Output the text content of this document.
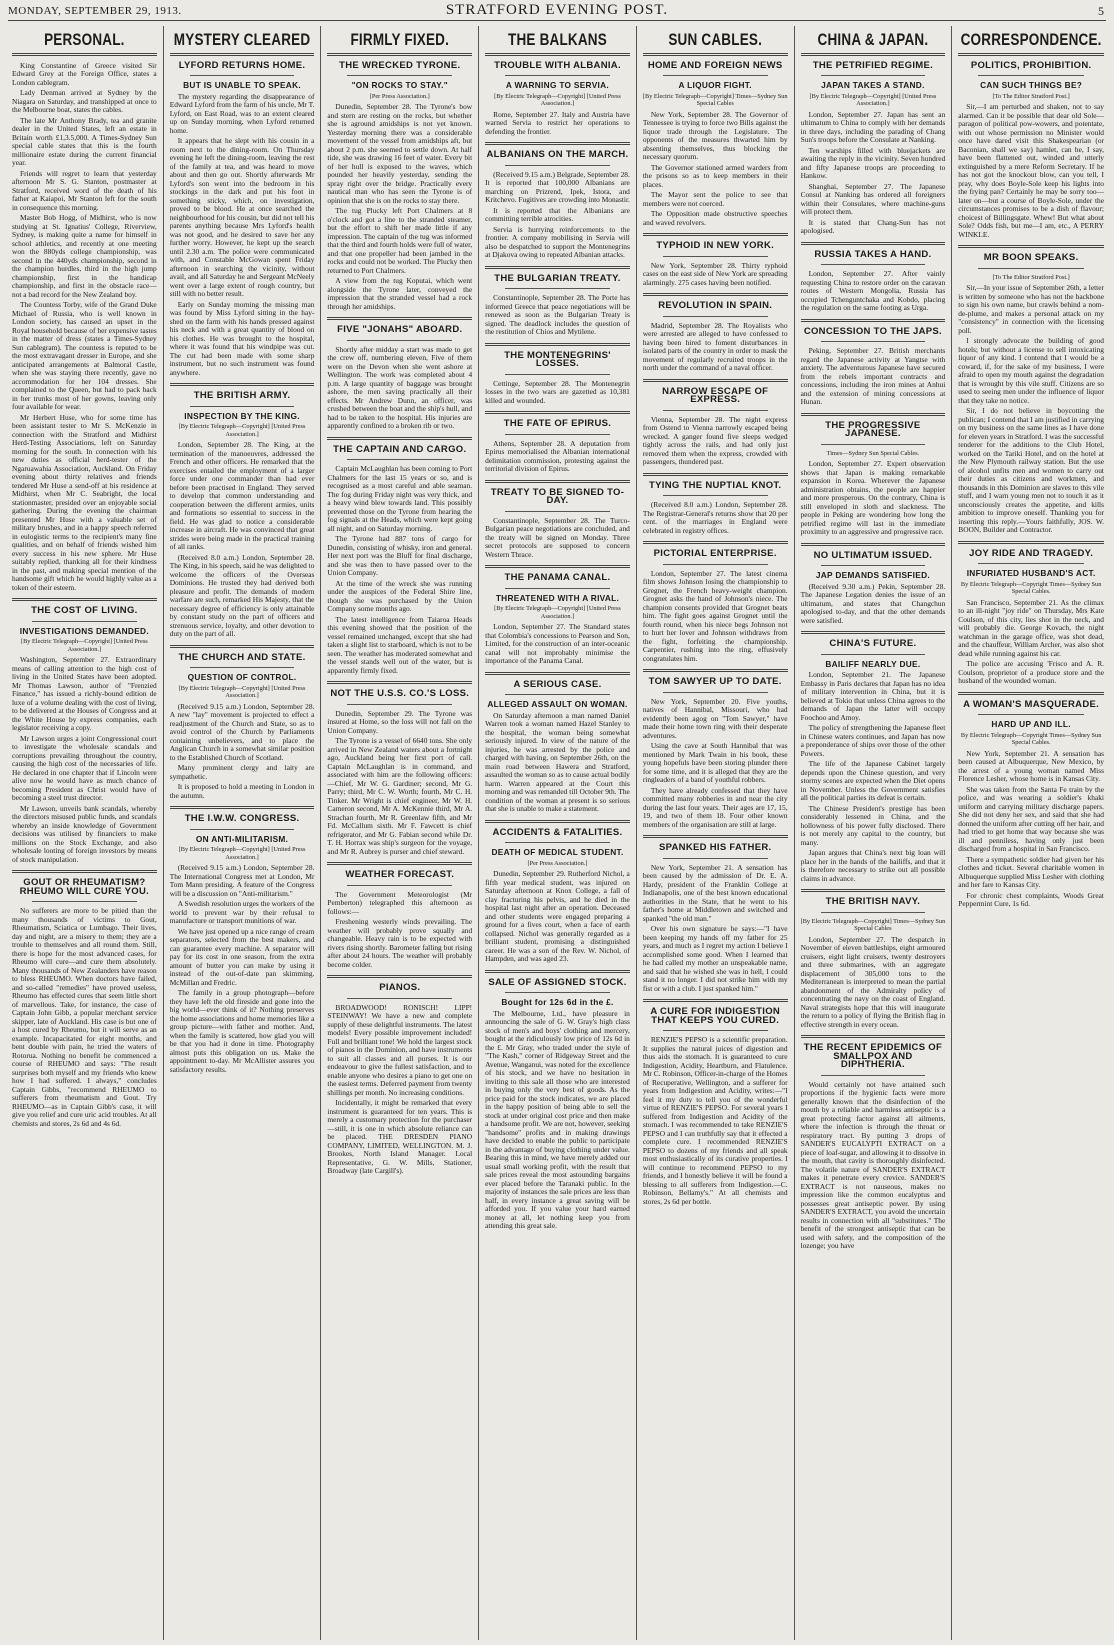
MONDAY, SEPTEMBER 29, 1913.	STRATFORD EVENING POST.	5
PERSONAL.

King Constantine of Greece visited Sir Edward Grey at the Foreign Office, states a London cablegram.

Lady Denman arrived at Sydney by the Niagara on Saturday, and transhipped at once to the Melbourne boat, states the cables.

The late Mr Anthony Brady, tea and granite dealer in the United States, left an estate in Britain worth £1,3.5,000. A Times-Sydney Sun special cable states that this is the fourth millionaire estate during the current financial year.

Friends will regret to learn that yesterday afternoon Mr S. G. Stanton, postmaster at Stratford, received word of the death of his father at Kaiapoi, Mr Stanton left for the south in consequence this morning.

Master Bob Hogg, of Midhirst, who is now studying at St. Ignatius' College, Riverview, Sydney, is making quite a name for himself in school athletics, and recently at one meeting won the 880yds college championship, was second in the 440yds championship, second in the champion hurdles, third in the high jump championship, first in the handicap championship, and first in the obstacle race—not a bad record for the New Zealand boy.

The Countess Torby, wife of the Grand Duke Michael of Russia, who is well known in London society, has caused an upset in the Royal household because of her expensive tastes in the matter of dress (states a Times-Sydney Sun cablegram). The countess is reputed to be the most extravagant dresser in Europe, and she anticipated arrangements at Balmoral Castle, when she was staying there recently, gave no accommodation for her 104 dresses. She complained to the Queen, but had to pack back in her trunks most of her gowns, leaving only four available for wear.

Mr Herbert Huse, who for some time has been assistant tester to Mr S. McKenzie in connection with the Stratford and Midhirst Herd-Testing Associations, left on Saturday morning for the south. In connection with his new duties as official herd-tester of the Ngaruawahia Association, Auckland. On Friday evening about thirty relatives and friends tendered Mr Huse a send-off at his residence at Midhirst, when Mr C. Seabright, the local stationmaster, presided over an enjoyable social gathering. During the evening the chairman presented Mr Huse with a valuable set of military brushes, and in a happy speech referred in eulogistic terms to the recipient's many fine qualities, and on behalf of friends wished him every success in his new sphere. Mr Huse suitably replied, thanking all for their kindness in the past, and making special mention of the handsome gift which he would highly value as a token of their esteem.

THE COST OF LIVING.
INVESTIGATIONS DEMANDED.
[By Electric Telegraph—Copyright] [United Press Association.]

Washington, September 27. Extraordinary means of calling attention to the high cost of living in the United States have been adopted. Mr Thomas Lawson, author of "Frenzied Finance," has issued a richly-bound edition de luxe of a volume dealing with the cost of living, to be delivered at the Houses of Congress and at the White House by express companies, each legislator receiving a copy.

Mr Lawson urges a joint Congressional court to investigate the wholesale scandals and corruptions prevailing throughout the country, causing the high cost of the necessaries of life. He declared in one chapter that if Lincoln were alive now he would have as much chance of becoming President as Christ would have of becoming a steel trust director.

Mr Lawson, unveils bank scandals, whereby the directors misused public funds, and scandals whereby an inside knowledge of Government decisions was utilised by financiers to make millions on the Stock Exchange, and also wholesale looting of foreign investors by means of stock manipulation.

GOUT OR RHEUMATISM? RHEUMO WILL CURE YOU.

No sufferers are more to be pitied than the many thousands of victims to Gout, Rheumatism, Sciatica or Lumbago. Their lives, day and night, are a misery to them; they are a trouble to themselves and all round them. Still, there is hope for the most advanced cases, for Rheumo will cure—and cure them absolutely. Many thousands of New Zealanders have reason to bless RHEUMO. When doctors have failed, and so-called "remedies" have proved useless, Rheumo has effected cures that seem little short of marvellous. Take, for instance, the case of Captain John Gibb, a popular merchant service skipper, late of Auckland. His case is but one of a host cured by Rheumo, but it will serve as an example. Incapacitated for eight months, and bent double with pain, he tried the waters of Rotorua. Nothing no benefit he commenced a course of RHEUMO and says: "The result surprises both myself and my friends who knew how I had suffered. I always," concludes Captain Gibbs, "recommend RHEUMO to sufferers from rheumatism and Gout. Try RHEUMO—as in Captain Gibb's case, it will give you relief and cure uric acid troubles. At all chemists and stores, 2s 6d and 4s 6d.

MYSTERY CLEARED
LYFORD RETURNS HOME.
BUT IS UNABLE TO SPEAK.

The mystery regarding the disappearance of Edward Lyford from the farm of his uncle, Mr T. Lyford, on East Road, was to an extent cleared up on Sunday morning, when Lyford returned home.

It appears that he slept with his cousin in a room next to the dining-room. On Thursday evening he left the dining-room, leaving the rest of the family at tea, and was heard to move about and then go out. Shortly afterwards Mr Lyford's son went into the bedroom in his stockings in the dark and put his foot in something sticky, which, on investigation, proved to be blood. He at once searched the neighbourhood for his cousin, but did not tell his parents anything because Mrs Lyford's health was not good, and he desired to save her any further worry. However, he kept up the search until 2.30 a.m. The police were communicated with, and Constable McGowan spent Friday afternoon in searching the vicinity, without avail, and all Saturday he and Sergeant McNeely went over a large extent of rough country, but still with no better result.

Early on Sunday morning the missing man was found by Miss Lyford sitting in the hay-shed on the farm with his hands pressed against his neck and with a great quantity of blood on his clothes. He was brought to the hospital, where it was found that his windpipe was cut. The cut had been made with some sharp instrument, but no such instrument was found anywhere.

THE BRITISH ARMY.
INSPECTION BY THE KING.
[By Electric Telegraph—Copyright] [United Press Association.]

London, September 28. The King, at the termination of the manoeuvres, addressed the French and other officers. He remarked that the exercises entailed the employment of a larger force under one commander than had ever before been practised in England. They served to develop that common understanding and cooperation between the different armies, units and formations so essential to success in the field. He was glad to notice a considerable increase in aircraft. He was convinced that great strides were being made in the practical training of all ranks.

(Received 8.0 a.m.) London, September 28. The King, in his speech, said he was delighted to welcome the officers of the Overseas Dominions. He trusted they had derived both pleasure and profit. The demands of modern warfare are such, remarked His Majesty, that the necessary degree of efficiency is only attainable by constant study on the part of officers and strenuous service, loyalty, and other devotion to duty on the part of all.

THE CHURCH AND STATE.
QUESTION OF CONTROL.
[By Electric Telegraph—Copyright] [United Press Association.]

(Received 9.15 a.m.) London, September 28. A new "lay" movement is projected to effect a readjustment of the Church and State, so as to avoid control of the Church by Parliaments containing unbelievers, and to place the Anglican Church in a somewhat similar position to the Established Church of Scotland.

Many prominent clergy and laity are sympathetic.

It is proposed to hold a meeting in London in the autumn.

THE I.W.W. CONGRESS.
ON ANTI-MILITARISM.
[By Electric Telegraph—Copyright] [United Press Association.]

(Received 9.15 a.m.) London, September 28. The International Congress met at London, Mr Tom Mann presiding. A feature of the Congress will be a discussion on "Anti-militarism."

A Swedish resolution urges the workers of the world to prevent war by their refusal to manufacture or transport munitions of war.

We have just opened up a nice range of cream separators, selected from the best makers, and can guarantee every machine. A separator will pay for its cost in one season, from the extra amount of butter you can make by using it instead of the out-of-date pan skimming. McMillan and Fredric.

The family in a group photograph—before they have left the old fireside and gone into the big world—ever think of it? Nothing preserves the home associations and home memories like a group picture—with father and mother. And, when the family is scattered, how glad you will be that you had it done in time. Photography almost puts this obligation on us. Make the appointment to-day. Mr McAllister assures you satisfactory results.

FIRMLY FIXED.
THE WRECKED TYRONE.
"ON ROCKS TO STAY."
[Per Press Association.]

Dunedin, September 28. The Tyrone's bow and stern are resting on the rocks, but whether she is aground amidships is not yet known. Yesterday morning there was a considerable movement of the vessel from amidships aft, but about 2 p.m. she seemed to settle down. At half tide, she was drawing 16 feet of water. Every bit of her hull is exposed to the waves, which pounded her heavily yesterday, sending the spray right over the bridge. Practically every nautical man who has seen the Tyrone is of opinion that she is on the rocks to stay there.

The tug Plucky left Port Chalmers at 8 o'clock and got a line to the stranded steamer, but the effort to shift her made little if any impression. The captain of the tug was informed that the third and fourth holds were full of water, and that one propeller had been jambed in the rocks and could not be worked. The Plucky then returned to Port Chalmers.

A view from the tug Koputai, which went alongside the Tyrone later, conveyed the impression that the stranded vessel had a rock through her amidships.

FIVE "JONAHS" ABOARD.

Shortly after midday a start was made to get the crew off, numbering eleven, Five of them were on the Devon when she went ashore at Wellington. The work was completed about 4 p.m. A large quantity of baggage was brought ashore, the men saving practically all their effects. Mr Andrew Dunn, an officer, was crushed between the boat and the ship's hull, and had to be taken to the hospital. His injuries are apparently confined to a broken rib or two.

THE CAPTAIN AND CARGO.

Captain McLaughlan has been coming to Port Chalmers for the last 15 years or so, and is recognised as a most careful and able seaman. The fog during Friday night was very thick, and a heavy wind blew towards land. This possibly prevented those on the Tyrone from hearing the fog signals at the Heads, which were kept going all night, and on Saturday morning.

The Tyrone had 887 tons of cargo for Dunedin, consisting of whisky, iron and general. Her next port was the Bluff for final discharge, and she was then to have passed over to the Union Company.

At the time of the wreck she was running under the auspices of the Federal Shire line, though she was purchased by the Union Company some months ago.

The latest intelligence from Taiaroa Heads this evening showed that the position of the vessel remained unchanged, except that she had taken a slight list to starboard, which is not to be seen. The weather has moderated somewhat and the vessel stands well out of the water, but is apparently firmly fixed.

NOT THE U.S.S. CO.'S LOSS.

Dunedin, September 29. The Tyrone was insured at Home, so the loss will not fall on the Union Company.

The Tyrone is a vessel of 6640 tons. She only arrived in New Zealand waters about a fortnight ago, Auckland being her first port of call. Captain McLaughlan is in command, and associated with him are the following officers:—Chief, Mr W. G. Gardiner; second, Mr G. Parry; third, Mr C. W. Worth; fourth, Mr C. H. Tinker. Mr Wright is chief engineer, Mr W. H. Cameron second, Mr A. McKennie third, Mr A. Strachan fourth, Mr R. Greenlaw fifth, and Mr Fd. McCallum sixth. Mr F. Fawcett is chief refrigerator, and Mr G. Fabian second while Dr. T. H. Horrax was ship's surgeon for the voyage, and Mr R. Aubrey is purser and chief steward.

WEATHER FORECAST.

The Government Meteorologist (Mr Pemberton) telegraphed this afternoon as follows:—

Freshening westerly winds prevailing. The weather will probably prove squally and changeable. Heavy rain is to be expected with rivers rising shortly. Barometer falling but rising after about 24 hours. The weather will probably become colder.

PIANOS.

BROADWOOD! RONISCH! LIPP! STEINWAY! We have a new and complete supply of these delightful instruments. The latest models! Every possible improvement included! Full and brilliant tone! We hold the largest stock of pianos in the Dominion, and have instruments to suit all classes and all purses. It is our endeavour to give the fullest satisfaction, and to enable anyone who desires a piano to get one on the easiest terms. Deferred payment from twenty shillings per month. No increasing conditions.

Incidentally, it might be remarked that every instrument is guaranteed for ten years. This is merely a customary protection for the purchaser—still, it is one in which absolute reliance can be placed. THE DRESDEN PIANO COMPANY, LIMITED, WELLINGTON. M. J. Brookes, North Island Manager. Local Representative, G. W. Mills, Stationer, Broadway (late Cargill's).

THE BALKANS
TROUBLE WITH ALBANIA.
A WARNING TO SERVIA.
[By Electric Telegraph—Copyright] [United Press Association.]

Rome, September 27. Italy and Austria have warned Servia to restrict her operations to defending the frontier.

ALBANIANS ON THE MARCH.

(Received 9.15 a.m.) Belgrade, September 28. It is reported that 100,000 Albanians are marching on Prizrend, Ipek, Istora, and Kritchevo. Fugitives are crowding into Monastir.

It is reported that the Albanians are committing terrible atrocities.

Servia is hurrying reinforcements to the frontier. A company mobilising in Servia will also be despatched to support the Montenegrins at Djakova owing to repeated Albanian attacks.

THE BULGARIAN TREATY.

Constantinople, September 28. The Porte has informed Greece that peace negotiations will be renewed as soon as the Bulgarian Treaty is signed. The deadlock includes the question of the restitution of Chios and Mytilene.

THE MONTENEGRINS' LOSSES.

Cettinge, September 28. The Montenegrin losses in the two wars are gazetted as 10,381 killed and wounded.

THE FATE OF EPIRUS.

Athens, September 28. A deputation from Epirus memorialised the Albanian international delimitation commission, protesting against the territorial division of Epirus.

TREATY TO BE SIGNED TO-DAY.

Constantinople, September 28. The Turco-Bulgarian peace negotiations are concluded, and the treaty will be signed on Monday. Three secret protocols are supposed to concern Western Thrace.

THE PANAMA CANAL.
THREATENED WITH A RIVAL.
[By Electric Telegraph—Copyright] [United Press Association.]

London, September 27. The Standard states that Colombia's concessions to Pearson and Son, Limited, for the construction of an inter-oceanic canal will not improbably minimise the importance of the Panama Canal.

A SERIOUS CASE.
ALLEGED ASSAULT ON WOMAN.

On Saturday afternoon a man named Daniel Warren took a woman named Hazel Stanley to the hospital, the woman being somewhat seriously injured. In view of the nature of the injuries, he was arrested by the police and charged with having, on September 26th, on the main road between Hawera and Stratford, assaulted the woman so as to cause actual bodily harm. Warren appeared at the Court this morning and was remanded till October 9th. The condition of the woman at present is so serious that she is unable to make a statement.

ACCIDENTS & FATALITIES.
DEATH OF MEDICAL STUDENT.
[Per Press Association.]

Dunedin, September 29. Rutherford Nichol, a fifth year medical student, was injured on Saturday afternoon at Knox College, a fall of clay fracturing his pelvis, and he died in the hospital last night after an operation. Deceased and other students were engaged preparing a ground for a fives court, when a face of earth collapsed. Nichol was generally regarded as a brilliant student, promising a distinguished career. He was a son of the Rev. W. Nichol, of Hampden, and was aged 23.

SALE OF ASSIGNED STOCK.
Bought for 12s 6d in the £.

The Melbourne, Ltd., have pleasure in announcing the sale of G. W. Gray's high class stock of men's and boys' clothing and mercery, bought at the ridiculously low price of 12s 6d in the £. Mr Gray, who traded under the style of "The Kash," corner of Ridgeway Street and the Avenue, Wanganui, was noted for the excellence of his stock, and we have no hesitation in inviting to this sale all those who are interested in buying only the very best of goods. As the price paid for the stock indicates, we are placed in the happy position of being able to sell the stock at under original cost price and then make a handsome profit. We are not, however, seeking "handsome" profits and in making drawings have decided to enable the public to participate in the advantage of buying clothing under value. Bearing this in mind, we have merely added our usual small working profit, with the result that sale prices reveal the most astounding bargains ever placed before the Taranaki public. In the majority of instances the sale prices are less than half, in every instance a great saving will be afforded you. If you value your hard earned money at all, let nothing keep you from attending this great sale.

SUN CABLES.
HOME AND FOREIGN NEWS
A LIQUOR FIGHT.
[By Electric Telegraph—Copyright] Times—Sydney Sun Special Cables

New York, September 28. The Governor of Tennessee is trying to force two Bills against the liquor trade through the Legislature. The opponents of the measures thwarted him by absenting themselves, thus blocking the necessary quorum.

The Governor stationed armed warders from the prisons so as to keep members in their places.

The Mayor sent the police to see that members were not coerced.

The Opposition made obstructive speeches and waved revolvers.

TYPHOID IN NEW YORK.

New York, September 28. Thirty typhoid cases on the east side of New York are spreading alarmingly. 275 cases having been notified.

REVOLUTION IN SPAIN.

Madrid, September 28. The Royalists who were arrested are alleged to have confessed to having been hired to foment disturbances in isolated parts of the country in order to mask the movement of regularly recruited troops in the north under the command of a naval officer.

NARROW ESCAPE OF EXPRESS.

Vienna, September 28. The night express from Ostend to Vienna narrowly escaped being wrecked. A ganger found five sleeps wedged tightly across the rails, and had only just removed them when the express, crowded with passengers, thundered past.

TYING THE NUPTIAL KNOT.

(Received 8.0 a.m.) London, September 28. The Registrar-General's returns show that 20 per cent. of the marriages in England were celebrated in registry offices.

PICTORIAL ENTERPRISE.

London, September 27. The latest cinema film shows Johnson losing the championship to Gregnet, the French heavy-weight champion. Grognet asks the hand of Johnson's niece. The champion consents provided that Grognet beats him. The fight goes against Grognet until the fourth round, when his niece begs Johnson not to hurt her lover and Johnson withdraws from the fight, forfeiting the championship. Carpentier, rushing into the ring, effusively congratulates him.

TOM SAWYER UP TO DATE.

New York, September 20. Five youths, natives of Hannibal, Missouri, who had evidently been agog on "Tom Sawyer," have made their home town ring with their desperate adventures.

Using the cave at South Hannibal that was mentioned by Mark Twain in his book, these young hopefuls have been storing plunder there for some time, and it is alleged that they are the ringleaders of a band of youthful robbers.

They have already confessed that they have committed many robberies in and near the city during the last four years. Their ages are 17, 15, 19, and two of them 18. Four other known members of the organisation are still at large.

SPANKED HIS FATHER.

New York, September 21. A sensation has been caused by the admission of Dr. E. A. Hardy, president of the Franklin College at Indianapolis, one of the best known educational authorities in the State, that he went to his father's home at Middletown and switched and spanked "the old man."

Over his own signature he says:—"I have been keeping my hands off my father for 25 years, and much as I regret my action I believe I accomplished some good. When I learned that he had called my mother an unspeakable name, and said that he wished she was in hell, I could stand it no longer. I did not strike him with my fist or with a club. I just spanked him."

A CURE FOR INDIGESTION THAT KEEPS YOU CURED.

RENZIE'S PEPSO is a scientific preparation. It supplies the natural juices of digestion and thus aids the stomach. It is guaranteed to cure Indigestion, Acidity, Heartburn, and Flatulence. Mr C. Robinson, Officer-in-charge of the Homes of Recuperative, Wellington, and a sufferer for years from Indigestion and Acidity, writes:—"I feel it my duty to tell you of the wonderful virtue of RENZIE'S PEPSO. For several years I suffered from Indigestion and Acidity of the stomach. I was recommended to take RENZIE'S PEPSO and I can truthfully say that it effected a complete cure. I recommended RENZIE'S PEPSO to dozens of my friends and all speak most enthusiastically of its curative properties. I will continue to recommend PEPSO to my friends, and I honestly believe it will be found a blessing to all sufferers from Indigestion.—C. Robinson, Bellamy's." At all chemists and stores, 2s 6d per bottle.

CHINA & JAPAN.
THE PETRIFIED REGIME.
JAPAN TAKES A STAND.
[By Electric Telegraph—Copyright] [United Press Association.]

London, September 27. Japan has sent an ultimatum to China to comply with her demands in three days, including the parading of Chang Sun's troops before the Consulate at Nanking.

Ten warships filled with bluejackets are awaiting the reply in the vicinity. Seven hundred and fifty Japanese troops are proceeding to Hankow.

Shanghai, September 27. The Japanese Consul at Nanking has ordered all foreigners within their Consulates, where machine-guns will protect them.

It is stated that Chang-Sun has not apologised.

RUSSIA TAKES A HAND.

London, September 27. After vainly requesting China to restore order on the caravan routes of Western Mongolia, Russia has occupied Tchenguntchaka and Kobdo, placing the regulation on the same footing as Urga.

CONCESSION TO THE JAPS.

Peking, September 27. British merchants regard the Japanese activity at Yangtse with anxiety. The adventurous Japanese have secured from the rebels important contracts and concessions, including the iron mines at Anhui and the extension of mining concessions at Hunan.

THE PROGRESSIVE JAPANESE.
Times—Sydney Sun Special Cables.

London, September 27. Expert observation shows that Japan is making remarkable expansion in Korea. Wherever the Japanese administration obtains, the people are happier and more prosperous. On the contrary, China is still enveloped in sloth and slackness. The people in Peking are wondering how long the petrified regime will last in the immediate proximity to an aggressive and progressive race.

NO ULTIMATUM ISSUED.
JAP DEMANDS SATISFIED.

(Received 9.30 a.m.) Pekin, September 28. The Japanese Legation denies the issue of an ultimatum, and states that Changchun apologised to-day, and that the other demands were satisfied.

CHINA'S FUTURE.
BAILIFF NEARLY DUE.

London, September 21. The Japanese Embassy in Paris declares that Japan has no idea of military intervention in China, but it is believed at Tokio that unless China agrees to the demands of Japan the latter will occupy Foochoo and Amoy.

The policy of strengthening the Japanese fleet in Chinese waters continues, and Japan has now a preponderance of ships over those of the other Powers.

The life of the Japanese Cabinet largely depends upon the Chinese question, and very stormy scenes are expected when the Diet opens in November. Unless the Government satisfies all the political parties its defeat is certain.

The Chinese President's prestige has been considerably lessened in China, and the hollowness of his power fully disclosed. There is not merely any capital to the country, but many.

Japan argues that China's next big loan will place her in the hands of the bailiffs, and that it is therefore necessary to strike out all possible claims in advance.

THE BRITISH NAVY.
[By Electric Telegraph—Copyright] Times—Sydney Sun Special Cables

London, September 27. The despatch in November of eleven battleships, eight armoured cruisers, eight light cruisers, twenty destroyers and three submarines, with an aggregate displacement of 305,000 tons to the Mediterranean is interpreted to mean the partial abandonment of the Admiralty policy of concentrating the navy on the coast of England. Naval strategists hope that this will inaugurate the return to a policy of flying the British flag in effective strength in every ocean.

THE RECENT EPIDEMICS OF SMALLPOX AND DIPHTHERIA.

Would certainly not have attained such proportions if the hygienic facts were more generally known that the disinfection of the mouth by a reliable and harmless antiseptic is a great protecting factor against all ailments, where the infection is through the throat or respiratory tract. By putting 3 drops of SANDER'S EUCALYPTI EXTRACT on a piece of loaf-sugar, and allowing it to dissolve in the mouth, that cavity is thoroughly disinfected. The volatile nature of SANDER'S EXTRACT makes it penetrate every crevice. SANDER'S EXTRACT is not nauseous, makes no impression like the common eucalyptus and possesses great antiseptic power. By using SANDER'S EXTRACT, you avoid the uncertain results in connection with all "substitutes." The benefit of the strongest antiseptic that can be used with safety, and the composition of the lozenge; you have

CORRESPONDENCE.
POLITICS, PROHIBITION.
CAN SUCH THINGS BE?
[To The Editor Stratford Post.]

Sir,—I am perturbed and shaken, not to say alarmed. Can it be possible that dear old Sole—paragon of political pow-wowers, and potentate, with out whose permission no Minister would once have dared visit this Shakespearian (or Baconian, shall we say) hamlet, can he, I say, have been flattened out, winded and utterly extinguished by a mere Reform Secretary. If he has not got the knockout blow, can you tell, I pray, why does Boyle-Sole keep his lights into the frying pan? Certainly he may be sorry too—later on—but a course of Boyle-Sole, under the circumstances promises to be a dish of flavour; choicest of Billingsgate. Whew! But what about Sole? Odds fish, but me—I am, etc., A PERRY WINKLE.

MR BOON SPEAKS.
[To The Editor Stratford Post.]

Sir,—In your issue of September 26th, a letter is written by someone who has not the backbone to sign his own name, but crawls behind a nom-de-plume, and makes a personal attack on my "consistency" in connection with the licensing poll.

I strongly advocate the building of good hotels; but without a license to sell intoxicating liquor of any kind. I contend that I would be a coward, if, for the sake of my business, I were afraid to open my mouth against the degradation that is wrought by this vile stuff. Citizens are so used to seeing men under the influence of liquor that they take no notice.

Sir, I do not believe in boycotting the publican; I contend that I am justified in carrying on my business on the same lines as I have done for eleven years in Stratford. I was the successful tenderer for the additions to the Club Hotel, worked on the Tariki Hotel, and on the hotel at the New Plymouth railway station. But the use of alcohol unfits men and women to carry out their duties as citizens and workmen, and thousands in this Dominion are slaves to this vile stuff, and I warn young men not to touch it as it unconsciously creates the appetite, and kills ambition to improve oneself. Thanking you for inserting this reply.—Yours faithfully, JOS. W. BOON, Builder and Contractor.

JOY RIDE AND TRAGEDY.
INFURIATED HUSBAND'S ACT.
By Electric Telegraph—Copyright Times—Sydney Sun Special Cables.

San Francisco, September 21. As the climax to an ill-night "joy ride" on Thursday, Mrs Kate Coulson, of this city, lies shot in the neck, and will probably die. George Kovach, the night watchman in the garage office, was shot dead, and the chauffeur, William Archer, was also shot dead while running against his car.

The police are accusing 'Frisco and A. R. Coulson, proprietor of a produce store and the husband of the wounded woman.

A WOMAN'S MASQUERADE.
HARD UP AND ILL.
By Electric Telegraph—Copyright Times—Sydney Sun Special Cables.

New York, September 21. A sensation has been caused at Albuquerque, New Mexico, by the arrest of a young woman named Miss Florence Lesher, whose home is in Kansas City.

She was taken from the Santa Fe train by the police, and was wearing a soldier's khaki uniform and carrying military discharge papers. She did not deny her sex, and said that she had donned the uniform after cutting off her hair, and had tried to get home that way because she was ill and penniless, having only just been discharged from a hospital in San Francisco.

There a sympathetic soldier had given her his clothes and ticket. Several charitable women in Albuquerque supplied Miss Lesher with clothing and her fare to Kansas City.

For chronic chest complaints, Woods Great Peppermint Cure, 1s 6d.
